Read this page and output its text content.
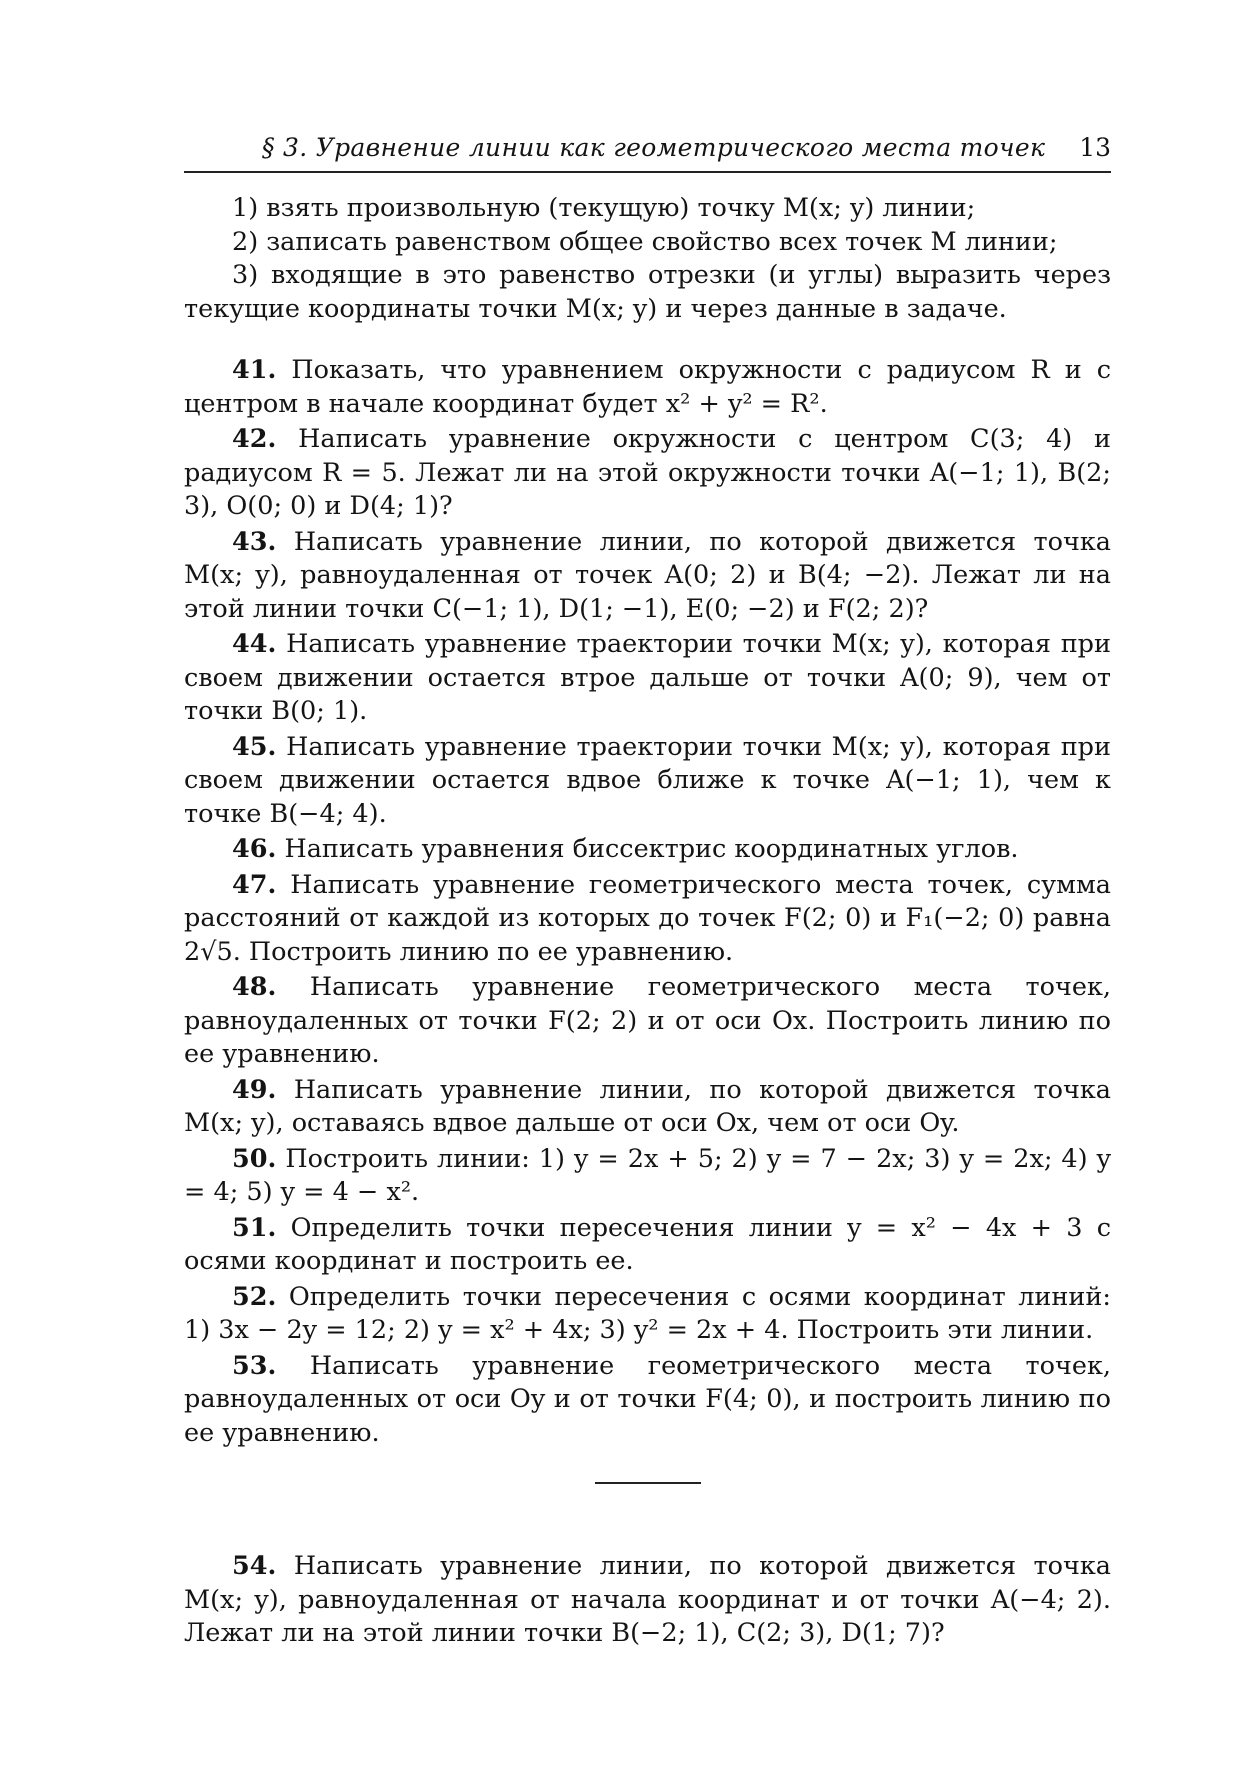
§ 3. Уравнение линии как геометрического места точек 13

1) взять произвольную (текущую) точку M(x; y) линии;

2) записать равенством общее свойство всех точек M линии;

3) входящие в это равенство отрезки (и углы) выразить через текущие координаты точки M(x; y) и через данные в задаче.

41. Показать, что уравнением окружности с радиусом R и с центром в начале координат будет x² + y² = R².

42. Написать уравнение окружности с центром C(3; 4) и радиусом R = 5. Лежат ли на этой окружности точки A(−1; 1), B(2; 3), O(0; 0) и D(4; 1)?

43. Написать уравнение линии, по которой движется точка M(x; y), равноудаленная от точек A(0; 2) и B(4; −2). Лежат ли на этой линии точки C(−1; 1), D(1; −1), E(0; −2) и F(2; 2)?

44. Написать уравнение траектории точки M(x; y), которая при своем движении остается втрое дальше от точки A(0; 9), чем от точки B(0; 1).

45. Написать уравнение траектории точки M(x; y), которая при своем движении остается вдвое ближе к точке A(−1; 1), чем к точке B(−4; 4).

46. Написать уравнения биссектрис координатных углов.

47. Написать уравнение геометрического места точек, сумма расстояний от каждой из которых до точек F(2; 0) и F₁(−2; 0) равна 2√5. Построить линию по ее уравнению.

48. Написать уравнение геометрического места точек, равноудаленных от точки F(2; 2) и от оси Ox. Построить линию по ее уравнению.

49. Написать уравнение линии, по которой движется точка M(x; y), оставаясь вдвое дальше от оси Ox, чем от оси Oy.

50. Построить линии: 1) y = 2x + 5; 2) y = 7 − 2x; 3) y = 2x; 4) y = 4; 5) y = 4 − x².

51. Определить точки пересечения линии y = x² − 4x + 3 с осями координат и построить ее.

52. Определить точки пересечения с осями координат линий: 1) 3x − 2y = 12; 2) y = x² + 4x; 3) y² = 2x + 4. Построить эти линии.

53. Написать уравнение геометрического места точек, равноудаленных от оси Oy и от точки F(4; 0), и построить линию по ее уравнению.

54. Написать уравнение линии, по которой движется точка M(x; y), равноудаленная от начала координат и от точки A(−4; 2). Лежат ли на этой линии точки B(−2; 1), C(2; 3), D(1; 7)?
